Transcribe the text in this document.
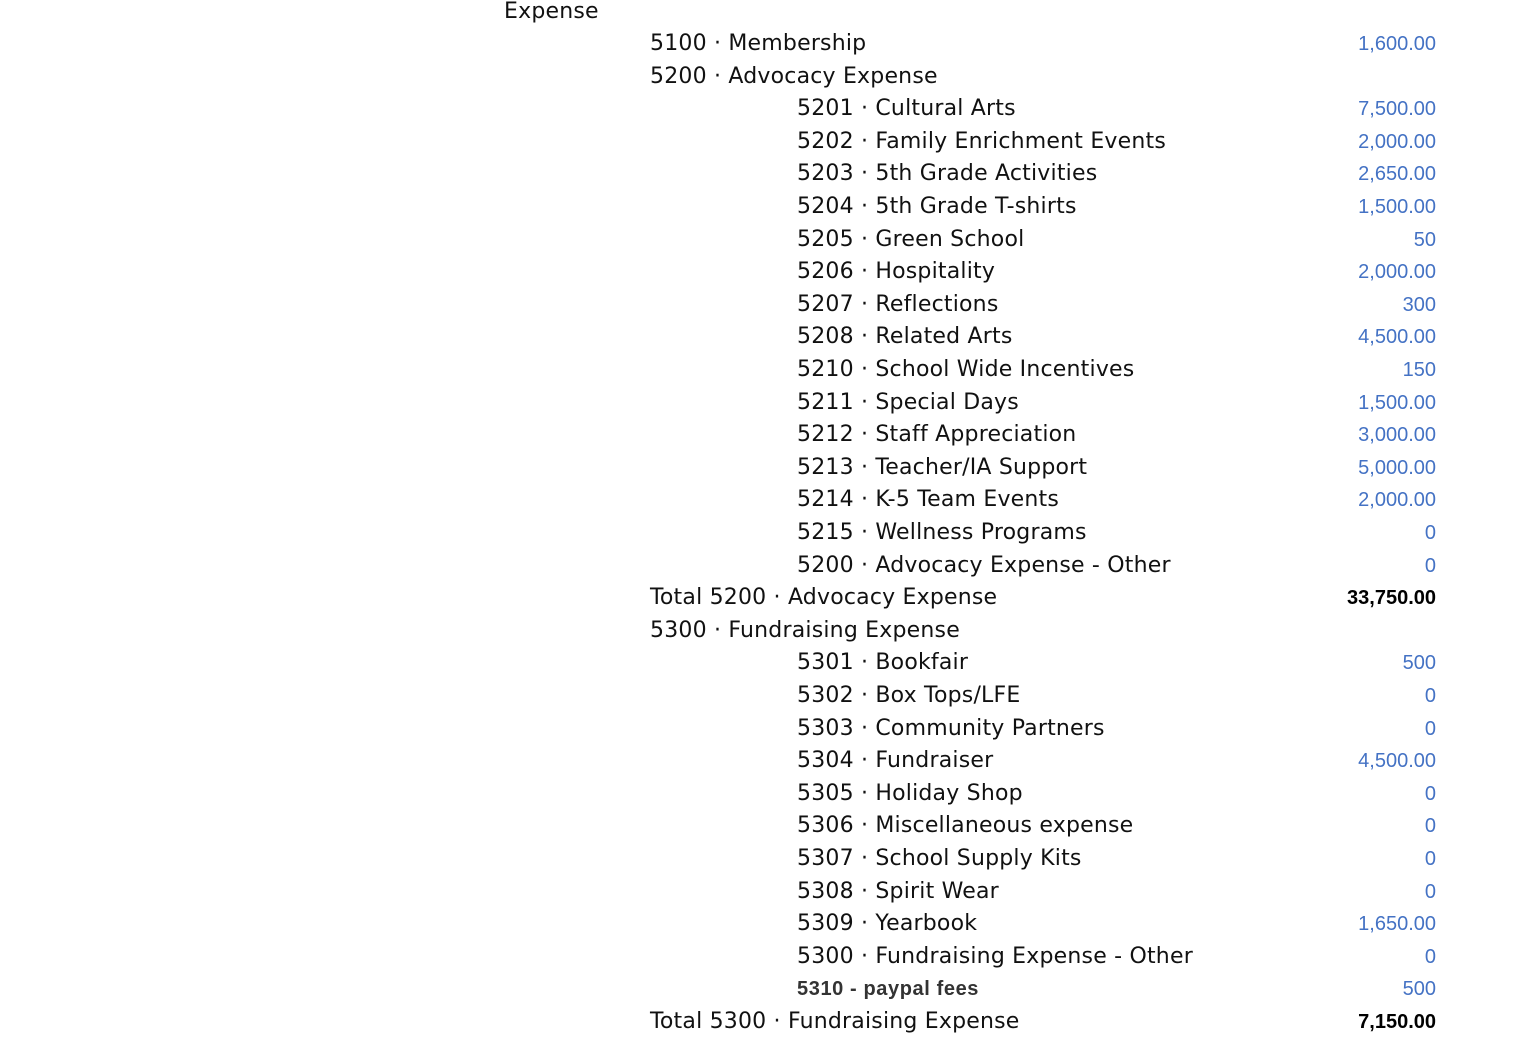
Expense
5100 · Membership	1,600.00
5200 · Advocacy Expense
5201 · Cultural Arts	7,500.00
5202 · Family Enrichment Events	2,000.00
5203 · 5th Grade Activities	2,650.00
5204 · 5th Grade T-shirts	1,500.00
5205 · Green School	50
5206 · Hospitality	2,000.00
5207 · Reflections	300
5208 · Related Arts	4,500.00
5210 · School Wide Incentives	150
5211 · Special Days	1,500.00
5212 · Staff Appreciation	3,000.00
5213 · Teacher/IA Support	5,000.00
5214 · K-5 Team Events	2,000.00
5215 · Wellness Programs	0
5200 · Advocacy Expense - Other	0
Total 5200 · Advocacy Expense	33,750.00
5300 · Fundraising Expense
5301 · Bookfair	500
5302 · Box Tops/LFE	0
5303 · Community Partners	0
5304 · Fundraiser	4,500.00
5305 · Holiday Shop	0
5306 · Miscellaneous expense	0
5307 · School Supply Kits	0
5308 · Spirit Wear	0
5309 · Yearbook	1,650.00
5300 · Fundraising Expense - Other	0
5310 - paypal fees	500
Total 5300 · Fundraising Expense	7,150.00
